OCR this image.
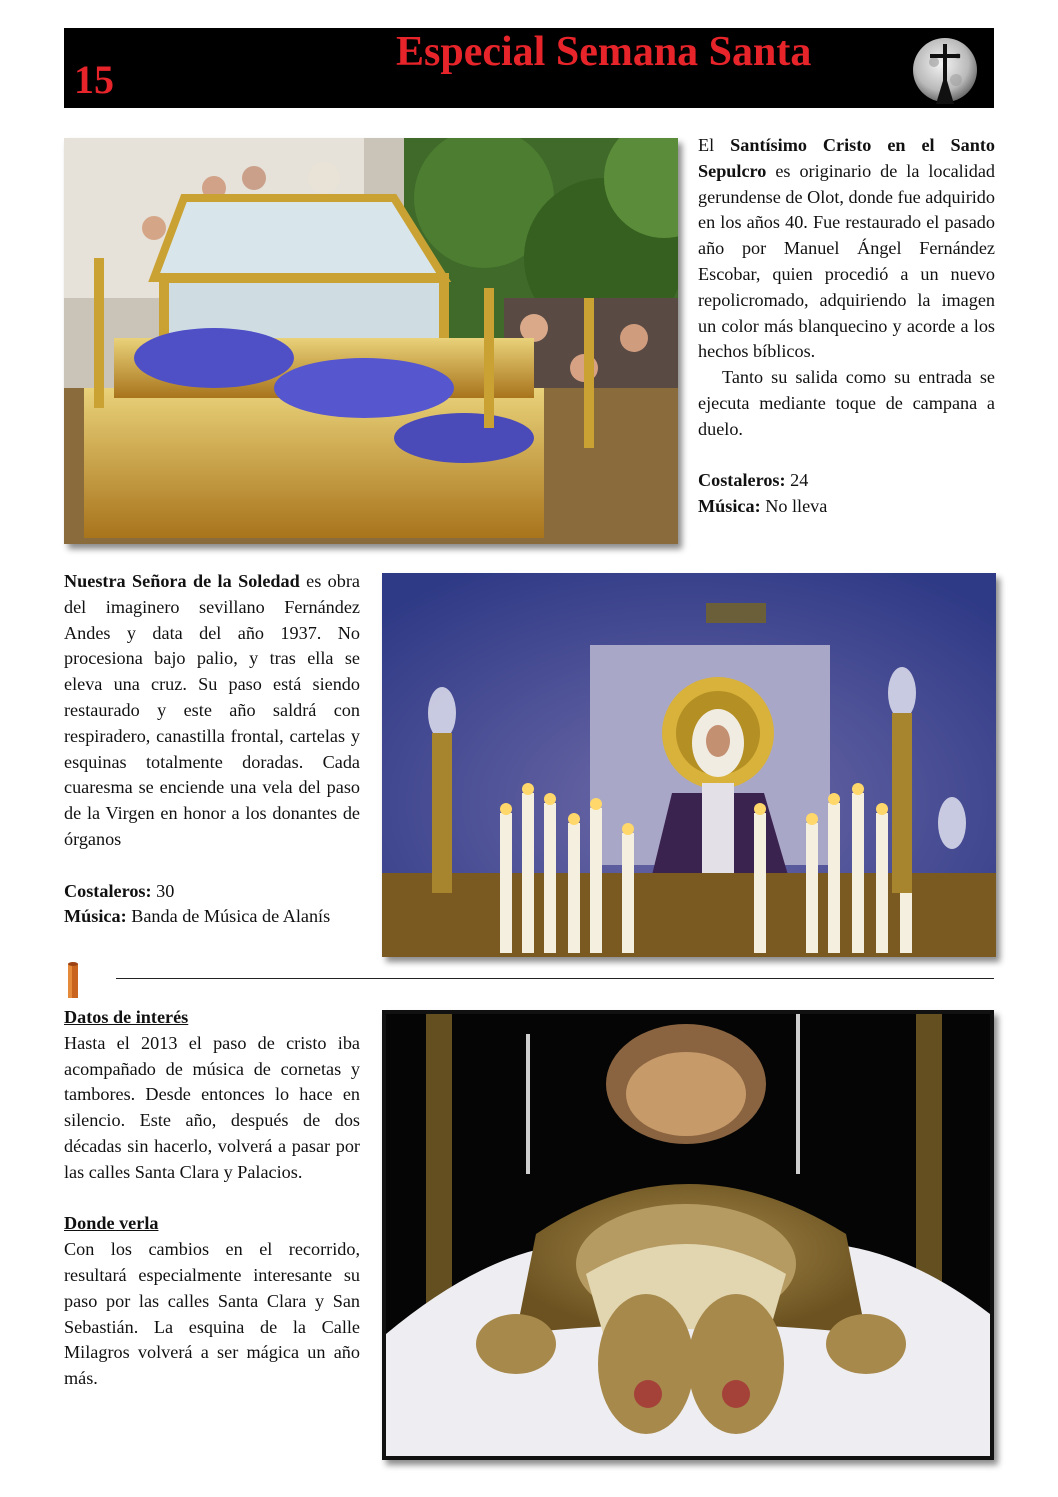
15
Especial Semana Santa

El Santísimo Cristo en el Santo Sepulcro es originario de la localidad gerundense de Olot, donde fue adquirido en los años 40. Fue restaurado el pasado año por Manuel Ángel Fernández Escobar, quien procedió a un nuevo repolicromado, adquiriendo la imagen un color más blanquecino y acorde a los hechos bíblicos.

Tanto su salida como su entrada se ejecuta mediante toque de campana a duelo.

Costaleros: 24

Música: No lleva

Nuestra Señora de la Soledad es obra del imaginero sevillano Fernández Andes y data del año 1937. No procesiona bajo palio, y tras ella se eleva una cruz. Su paso está siendo restaurado y este año saldrá con respiradero, canastilla frontal, cartelas y esquinas totalmente doradas. Cada cuaresma se enciende una vela del paso de la Virgen en honor a los donantes de órganos

Costaleros: 30

Música: Banda de Música de Alanís

Datos de interés

Hasta el 2013 el paso de cristo iba acompañado de música de cornetas y tambores. Desde entonces lo hace en silencio. Este año, después de dos décadas sin hacerlo, volverá a pasar por las calles Santa Clara y Palacios.

Donde verla

Con los cambios en el recorrido, resultará especialmente interesante su paso por las calles Santa Clara y San Sebastián. La esquina de la Calle Milagros volverá a ser mágica un año más.
